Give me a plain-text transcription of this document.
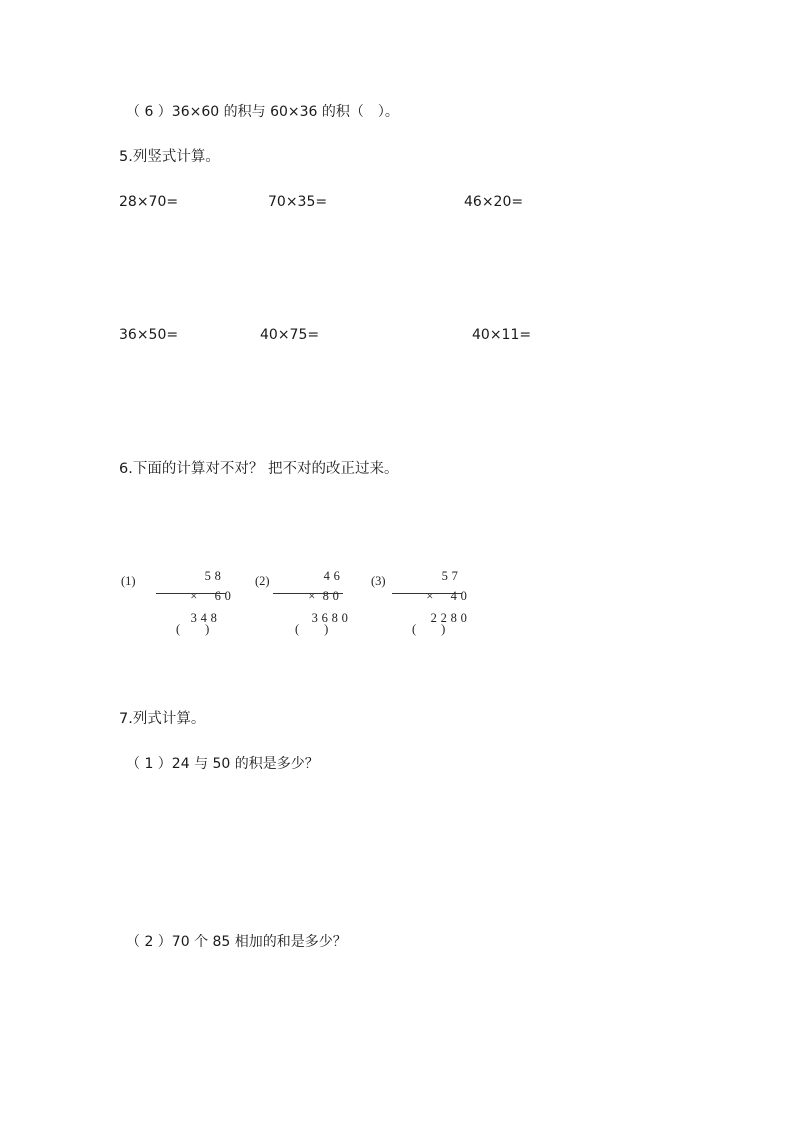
（ 6 ）36×60 的积与 60×36 的积（　）。
5.列竖式计算。
28×70=	70×35=	46×20=
36×50=	40×75=	40×11=
6.下面的计算对不对？ 把不对的改正过来。
(1)	5 8

× 6 0

3 4 8

(　　)
(2)	4 6

× 8 0

3 6 8 0

(　　)
(3)	5 7

× 4 0

2 2 8 0

(　　)
7.列式计算。
（ 1 ）24 与 50 的积是多少？
（ 2 ）70 个 85 相加的和是多少？
